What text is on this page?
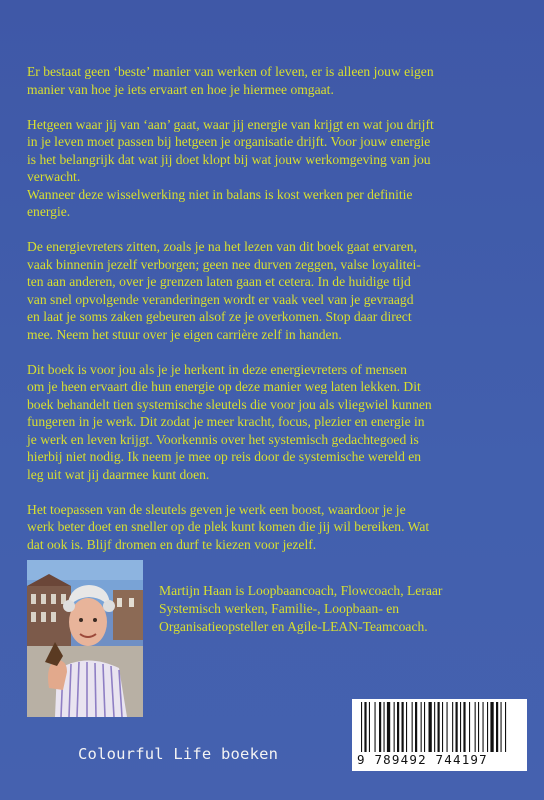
Er bestaat geen ‘beste’ manier van werken of leven, er is alleen jouw eigen
manier van hoe je iets ervaart en hoe je hiermee omgaat.

Hetgeen waar jij van ‘aan’ gaat, waar jij energie van krijgt en wat jou drijft
in je leven moet passen bij hetgeen je organisatie drijft. Voor jouw energie
is het belangrijk dat wat jij doet klopt bij wat jouw werkomgeving van jou
verwacht.
Wanneer deze wisselwerking niet in balans is kost werken per definitie
energie.

De energievreters zitten, zoals je na het lezen van dit boek gaat ervaren,
vaak binnenin jezelf verborgen; geen nee durven zeggen, valse loyalitei-
ten aan anderen, over je grenzen laten gaan et cetera. In de huidige tijd
van snel opvolgende veranderingen wordt er vaak veel van je gevraagd
en laat je soms zaken gebeuren alsof ze je overkomen. Stop daar direct
mee. Neem het stuur over je eigen carrière zelf in handen.

Dit boek is voor jou als je je herkent in deze energievreters of mensen
om je heen ervaart die hun energie op deze manier weg laten lekken. Dit
boek behandelt tien systemische sleutels die voor jou als vliegwiel kunnen
fungeren in je werk. Dit zodat je meer kracht, focus, plezier en energie in
je werk en leven krijgt. Voorkennis over het systemisch gedachtegoed is
hierbij niet nodig. Ik neem je mee op reis door de systemische wereld en
leg uit wat jij daarmee kunt doen.

Het toepassen van de sleutels geven je werk een boost, waardoor je je
werk beter doet en sneller op de plek kunt komen die jij wil bereiken. Wat
dat ook is. Blijf dromen en durf te kiezen voor jezelf.

Martijn Haan is Loopbaancoach, Flowcoach, Leraar
Systemisch werken, Familie-, Loopbaan- en
Organisatieopsteller en Agile-LEAN-Teamcoach.

Colourful Life boeken	9 789492 744197
